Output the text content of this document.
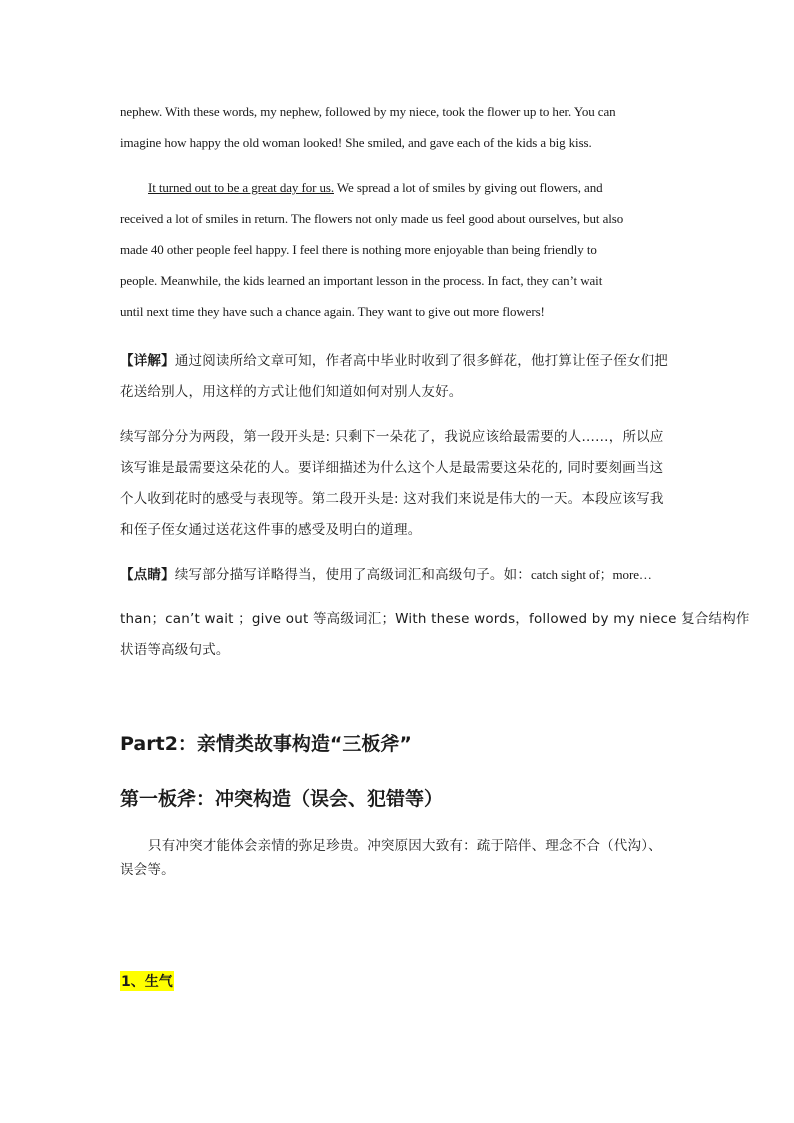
nephew. With these words, my nephew, followed by my niece, took the flower up to her. You can
imagine how happy the old woman looked! She smiled, and gave each of the kids a big kiss.
It turned out to be a great day for us. We spread a lot of smiles by giving out flowers, and
received a lot of smiles in return. The flowers not only made us feel good about ourselves, but also
made 40 other people feel happy. I feel there is nothing more enjoyable than being friendly to
people. Meanwhile, the kids learned an important lesson in the process. In fact, they can’t wait
until next time they have such a chance again. They want to give out more flowers!
【详解】通过阅读所给文章可知，作者高中毕业时收到了很多鲜花，他打算让侄子侄女们把
花送给别人，用这样的方式让他们知道如何对别人友好。
续写部分分为两段，第一段开头是: 只剩下一朵花了，我说应该给最需要的人……，所以应
该写谁是最需要这朵花的人。要详细描述为什么这个人是最需要这朵花的, 同时要刻画当这
个人收到花时的感受与表现等。第二段开头是: 这对我们来说是伟大的一天。本段应该写我
和侄子侄女通过送花这件事的感受及明白的道理。
【点睛】续写部分描写详略得当，使用了高级词汇和高级句子。如：catch sight of；more…
than；can’t wait ；give out 等高级词汇；With these words，followed by my niece 复合结构作
状语等高级句式。
Part2：亲情类故事构造“三板斧”
第一板斧：冲突构造（误会、犯错等）
只有冲突才能体会亲情的弥足珍贵。冲突原因大致有：疏于陪伴、理念不合（代沟）、
误会等。
1、生气
